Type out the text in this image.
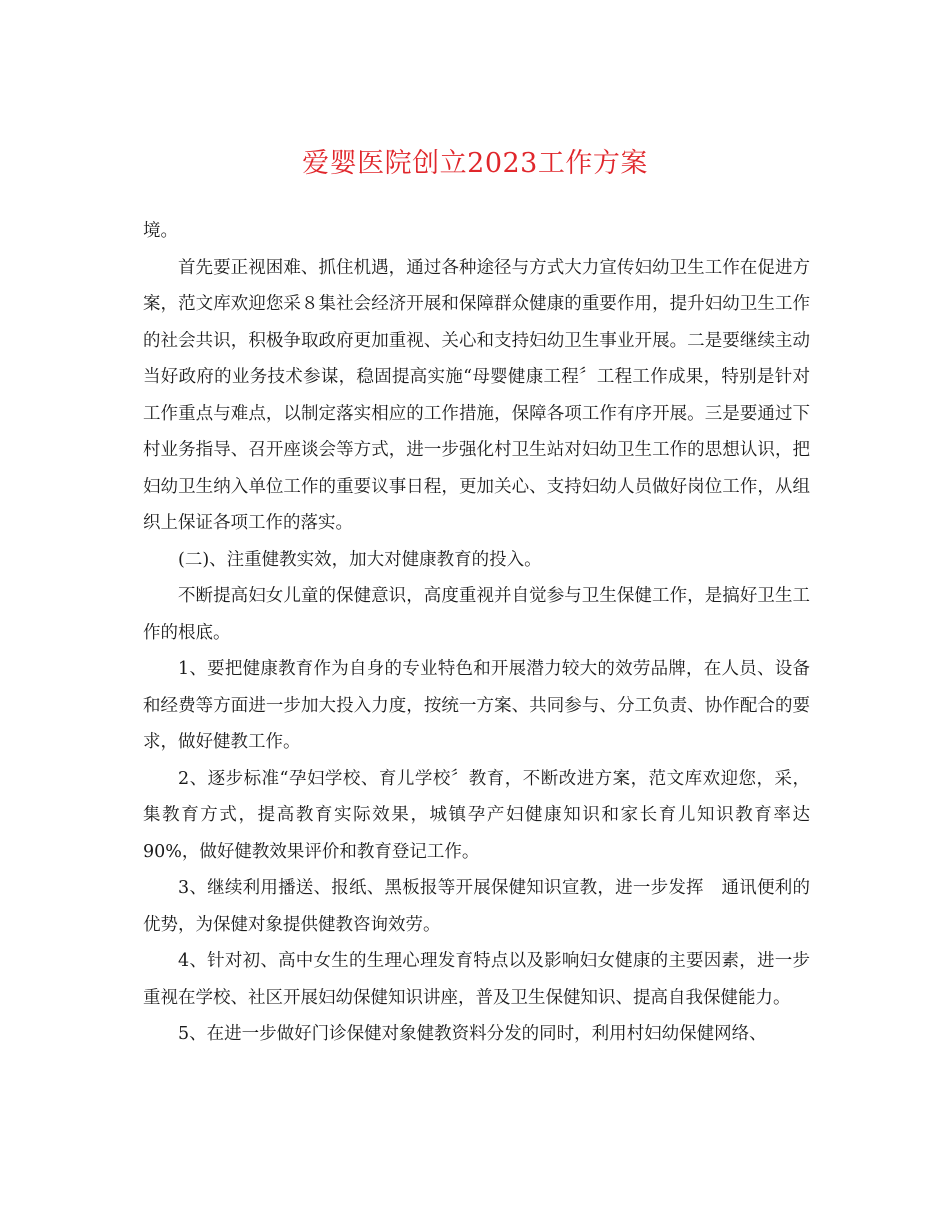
爱婴医院创立2023工作方案

境。

首先要正视困难、抓住机遇，通过各种途径与方式大力宣传妇幼卫生工作在促进方案，范文库欢迎您采８集社会经济开展和保障群众健康的重要作用，提升妇幼卫生工作的社会共识，积极争取政府更加重视、关心和支持妇幼卫生事业开展。二是要继续主动当好政府的业务技术参谋，稳固提高实施“母婴健康工程〞工程工作成果，特别是针对工作重点与难点，以制定落实相应的工作措施，保障各项工作有序开展。三是要通过下村业务指导、召开座谈会等方式，进一步强化村卫生站对妇幼卫生工作的思想认识，把妇幼卫生纳入单位工作的重要议事日程，更加关心、支持妇幼人员做好岗位工作，从组织上保证各项工作的落实。

(二)、注重健教实效，加大对健康教育的投入。

不断提高妇女儿童的保健意识，高度重视并自觉参与卫生保健工作，是搞好卫生工作的根底。

1、要把健康教育作为自身的专业特色和开展潜力较大的效劳品牌，在人员、设备和经费等方面进一步加大投入力度，按统一方案、共同参与、分工负责、协作配合的要求，做好健教工作。

2、逐步标准“孕妇学校、育儿学校〞教育，不断改进方案，范文库欢迎您，采，集教育方式，提高教育实际效果，城镇孕产妇健康知识和家长育儿知识教育率达90%，做好健教效果评价和教育登记工作。

3、继续利用播送、报纸、黑板报等开展保健知识宣教，进一步发挥　通讯便利的优势，为保健对象提供健教咨询效劳。

4、针对初、高中女生的生理心理发育特点以及影响妇女健康的主要因素，进一步重视在学校、社区开展妇幼保健知识讲座，普及卫生保健知识、提高自我保健能力。

5、在进一步做好门诊保健对象健教资料分发的同时，利用村妇幼保健网络、
